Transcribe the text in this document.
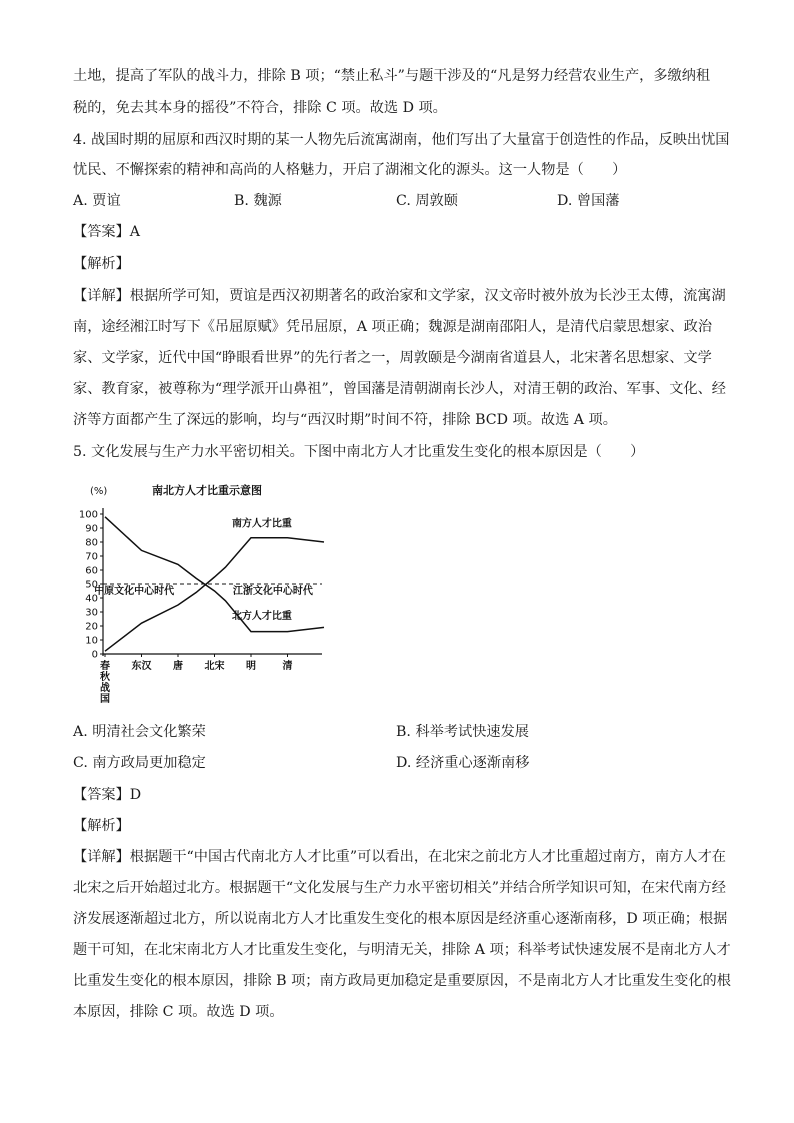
土地，提高了军队的战斗力，排除 B 项；“禁止私斗”与题干涉及的“凡是努力经营农业生产，多缴纳租
税的，免去其本身的摇役”不符合，排除 C 项。故选 D 项。
4. 战国时期的屈原和西汉时期的某一人物先后流寓湖南，他们写出了大量富于创造性的作品，反映出忧国
忧民、不懈探索的精神和高尚的人格魅力，开启了湖湘文化的源头。这一人物是（　　）
A. 贾谊	B. 魏源	C. 周敦颐	D. 曾国藩
【答案】A
【解析】
【详解】根据所学可知，贾谊是西汉初期著名的政治家和文学家，汉文帝时被外放为长沙王太傅，流寓湖
南，途经湘江时写下《吊屈原赋》凭吊屈原，A 项正确；魏源是湖南邵阳人，是清代启蒙思想家、政治
家、文学家，近代中国“睁眼看世界”的先行者之一，周敦颐是今湖南省道县人，北宋著名思想家、文学
家、教育家，被尊称为“理学派开山鼻祖”，曾国藩是清朝湖南长沙人，对清王朝的政治、军事、文化、经
济等方面都产生了深远的影响，均与“西汉时期”时间不符，排除 BCD 项。故选 A 项。
5. 文化发展与生产力水平密切相关。下图中南北方人才比重发生变化的根本原因是（　　）
南北方人才比重示意图
(%)
0
10
20
30
40
50
60
70
80
90
100
春
秋
战
国
东汉 唐 北宋 明	清
中原文化中心时代	江浙文化中心时代
南方人才比重
北方人才比重
A. 明清社会文化繁荣	B. 科举考试快速发展
C. 南方政局更加稳定	D. 经济重心逐渐南移
【答案】D
【解析】
【详解】根据题干“中国古代南北方人才比重”可以看出，在北宋之前北方人才比重超过南方，南方人才在
北宋之后开始超过北方。根据题干“文化发展与生产力水平密切相关”并结合所学知识可知，在宋代南方经
济发展逐渐超过北方，所以说南北方人才比重发生变化的根本原因是经济重心逐渐南移，D 项正确；根据
题干可知，在北宋南北方人才比重发生变化，与明清无关，排除 A 项；科举考试快速发展不是南北方人才
比重发生变化的根本原因，排除 B 项；南方政局更加稳定是重要原因，不是南北方人才比重发生变化的根
本原因，排除 C 项。故选 D 项。
